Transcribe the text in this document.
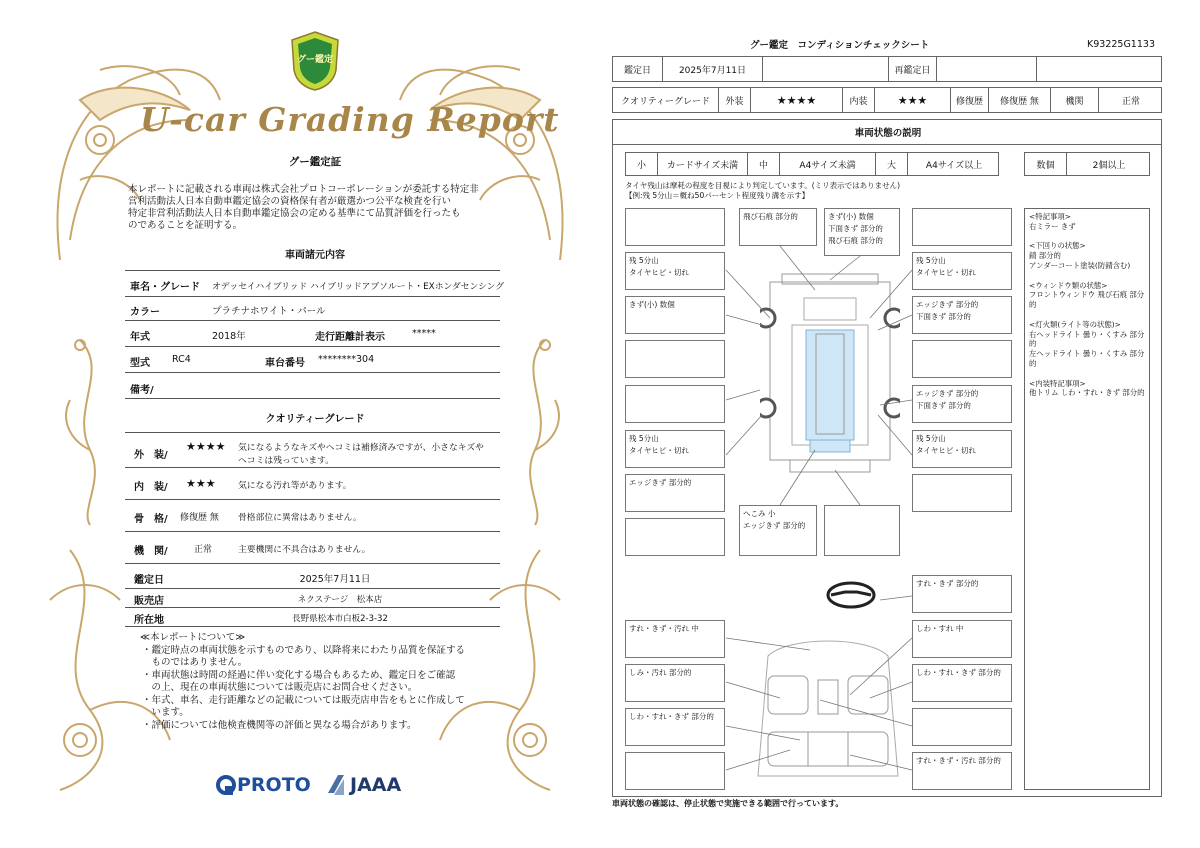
グー鑑定
U-car Grading Report
グー鑑定証
本レポートに記載される車両は株式会社プロトコーポレーションが委託する特定非
営利活動法人日本自動車鑑定協会の資格保有者が厳選かつ公平な検査を行い
特定非営利活動法人日本自動車鑑定協会の定める基準にて品質評価を行ったも
のであることを証明する。
車両諸元内容
車名・グレード オデッセイハイブリッド ハイブリッドアブソルート・EXホンダセンシング
カラー	プラチナホワイト・パール
年式	2018年	走行距離計表示	*****
型式 RC4	車台番号 ********304
備考/
クオリティーグレード
外　装/
★★★★ 気になるようなキズやヘコミは補修済みですが、小さなキズや
ヘコミは残っています。
内　装/ ★★★	気になる汚れ等があります。
骨　格/ 修復歴 無 骨格部位に異常はありません。
機　関/	正常	主要機関に不具合はありません。
鑑定日	2025年7月11日
販売店	ネクステージ　松本店
所在地	長野県松本市白板2-3-32
≪本レポートについて≫
・鑑定時点の車両状態を示すものであり、以降将来にわたり品質を保証する
　ものではありません。
・車両状態は時間の経過に伴い変化する場合もあるため、鑑定日をご確認
　の上、現在の車両状態については販売店にお問合せください。
・年式、車名、走行距離などの記載については販売店申告をもとに作成して
　います。
・評価については他検査機関等の評価と異なる場合があります。
PROTO JAAA
グー鑑定　コンディションチェックシート	K93225G1133
鑑定日	2025年7月11日	再鑑定日
クオリティーグレード	外装	★★★★	内装	★★★	修復歴	修復歴 無	機関	正常
車両状態の説明
小	カードサイズ未満	中	A4サイズ未満	大	A4サイズ以上	数個	2個以上
タイヤ残山は摩耗の程度を目視により判定しています。(ミリ表示ではありません)
【例:残 5分山＝概ね50パーセント程度残り溝を示す】
飛び石痕 部分的	きず(小) 数個
下面きず 部分的
飛び石痕 部分的
残 5分山
タイヤヒビ・切れ
きず(小) 数個
残 5分山
タイヤヒビ・切れ
エッジきず 部分的
残 5分山
タイヤヒビ・切れ
エッジきず 部分的
下面きず 部分的
エッジきず 部分的
下面きず 部分的
残 5分山
タイヤヒビ・切れ
へこみ 小
エッジきず 部分的
すれ・きず 部分的
すれ・きず・汚れ 中
しみ・汚れ 部分的
しわ・すれ・きず 部分的
しわ・すれ 中
しわ・すれ・きず 部分的
すれ・きず・汚れ 部分的
<特記事項>
右ミラー きず

<下回りの状態>
錆 部分的
アンダーコート塗装(防錆含む)

<ウィンドウ類の状態>
フロントウィンドウ 飛び石痕 部分的

<灯火類(ライト等の状態)>
右ヘッドライト 曇り・くすみ 部分的
左ヘッドライト 曇り・くすみ 部分的

<内装特記事項>
他トリム しわ・すれ・きず 部分的
車両状態の確認は、停止状態で実施できる範囲で行っています。
